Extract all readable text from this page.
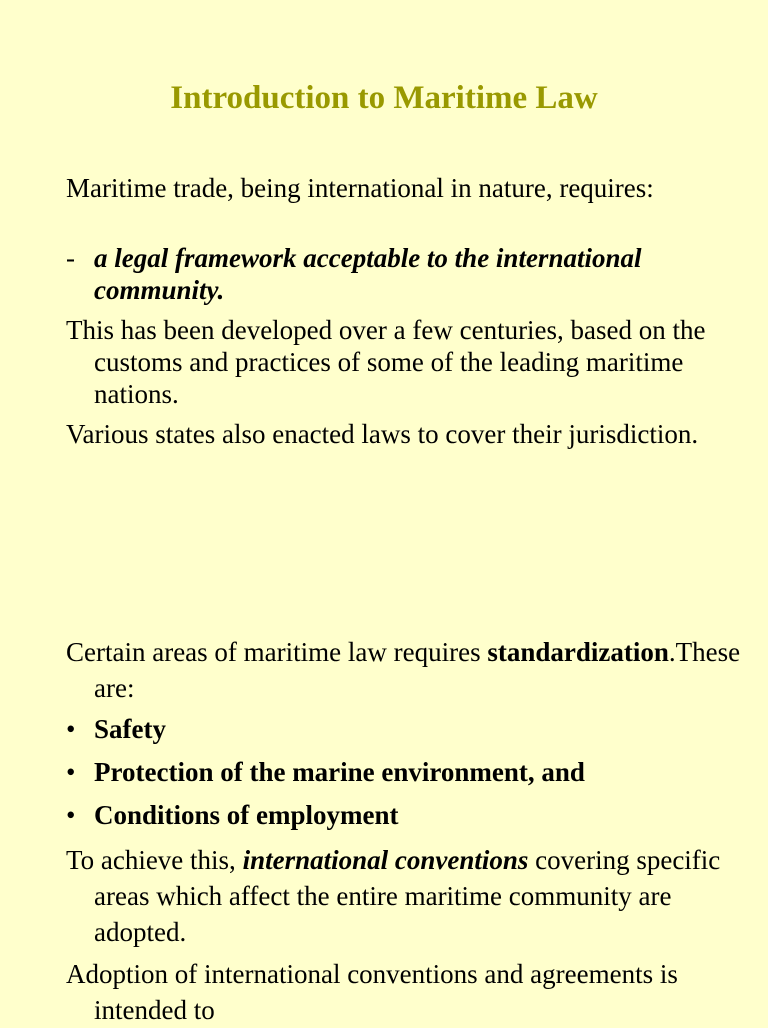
Introduction to Maritime Law

Maritime trade, being international in nature, requires:

- a legal framework acceptable to the international community.

This has been developed over a few centuries, based on the customs and practices of some of the leading maritime nations.

Various states also enacted laws to cover their jurisdiction.

Certain areas of maritime law requires standardization.These are:

• Safety
• Protection of the marine environment, and
• Conditions of employment

To achieve this, international conventions covering specific areas which affect the entire maritime community are adopted.

Adoption of international conventions and agreements is intended to
